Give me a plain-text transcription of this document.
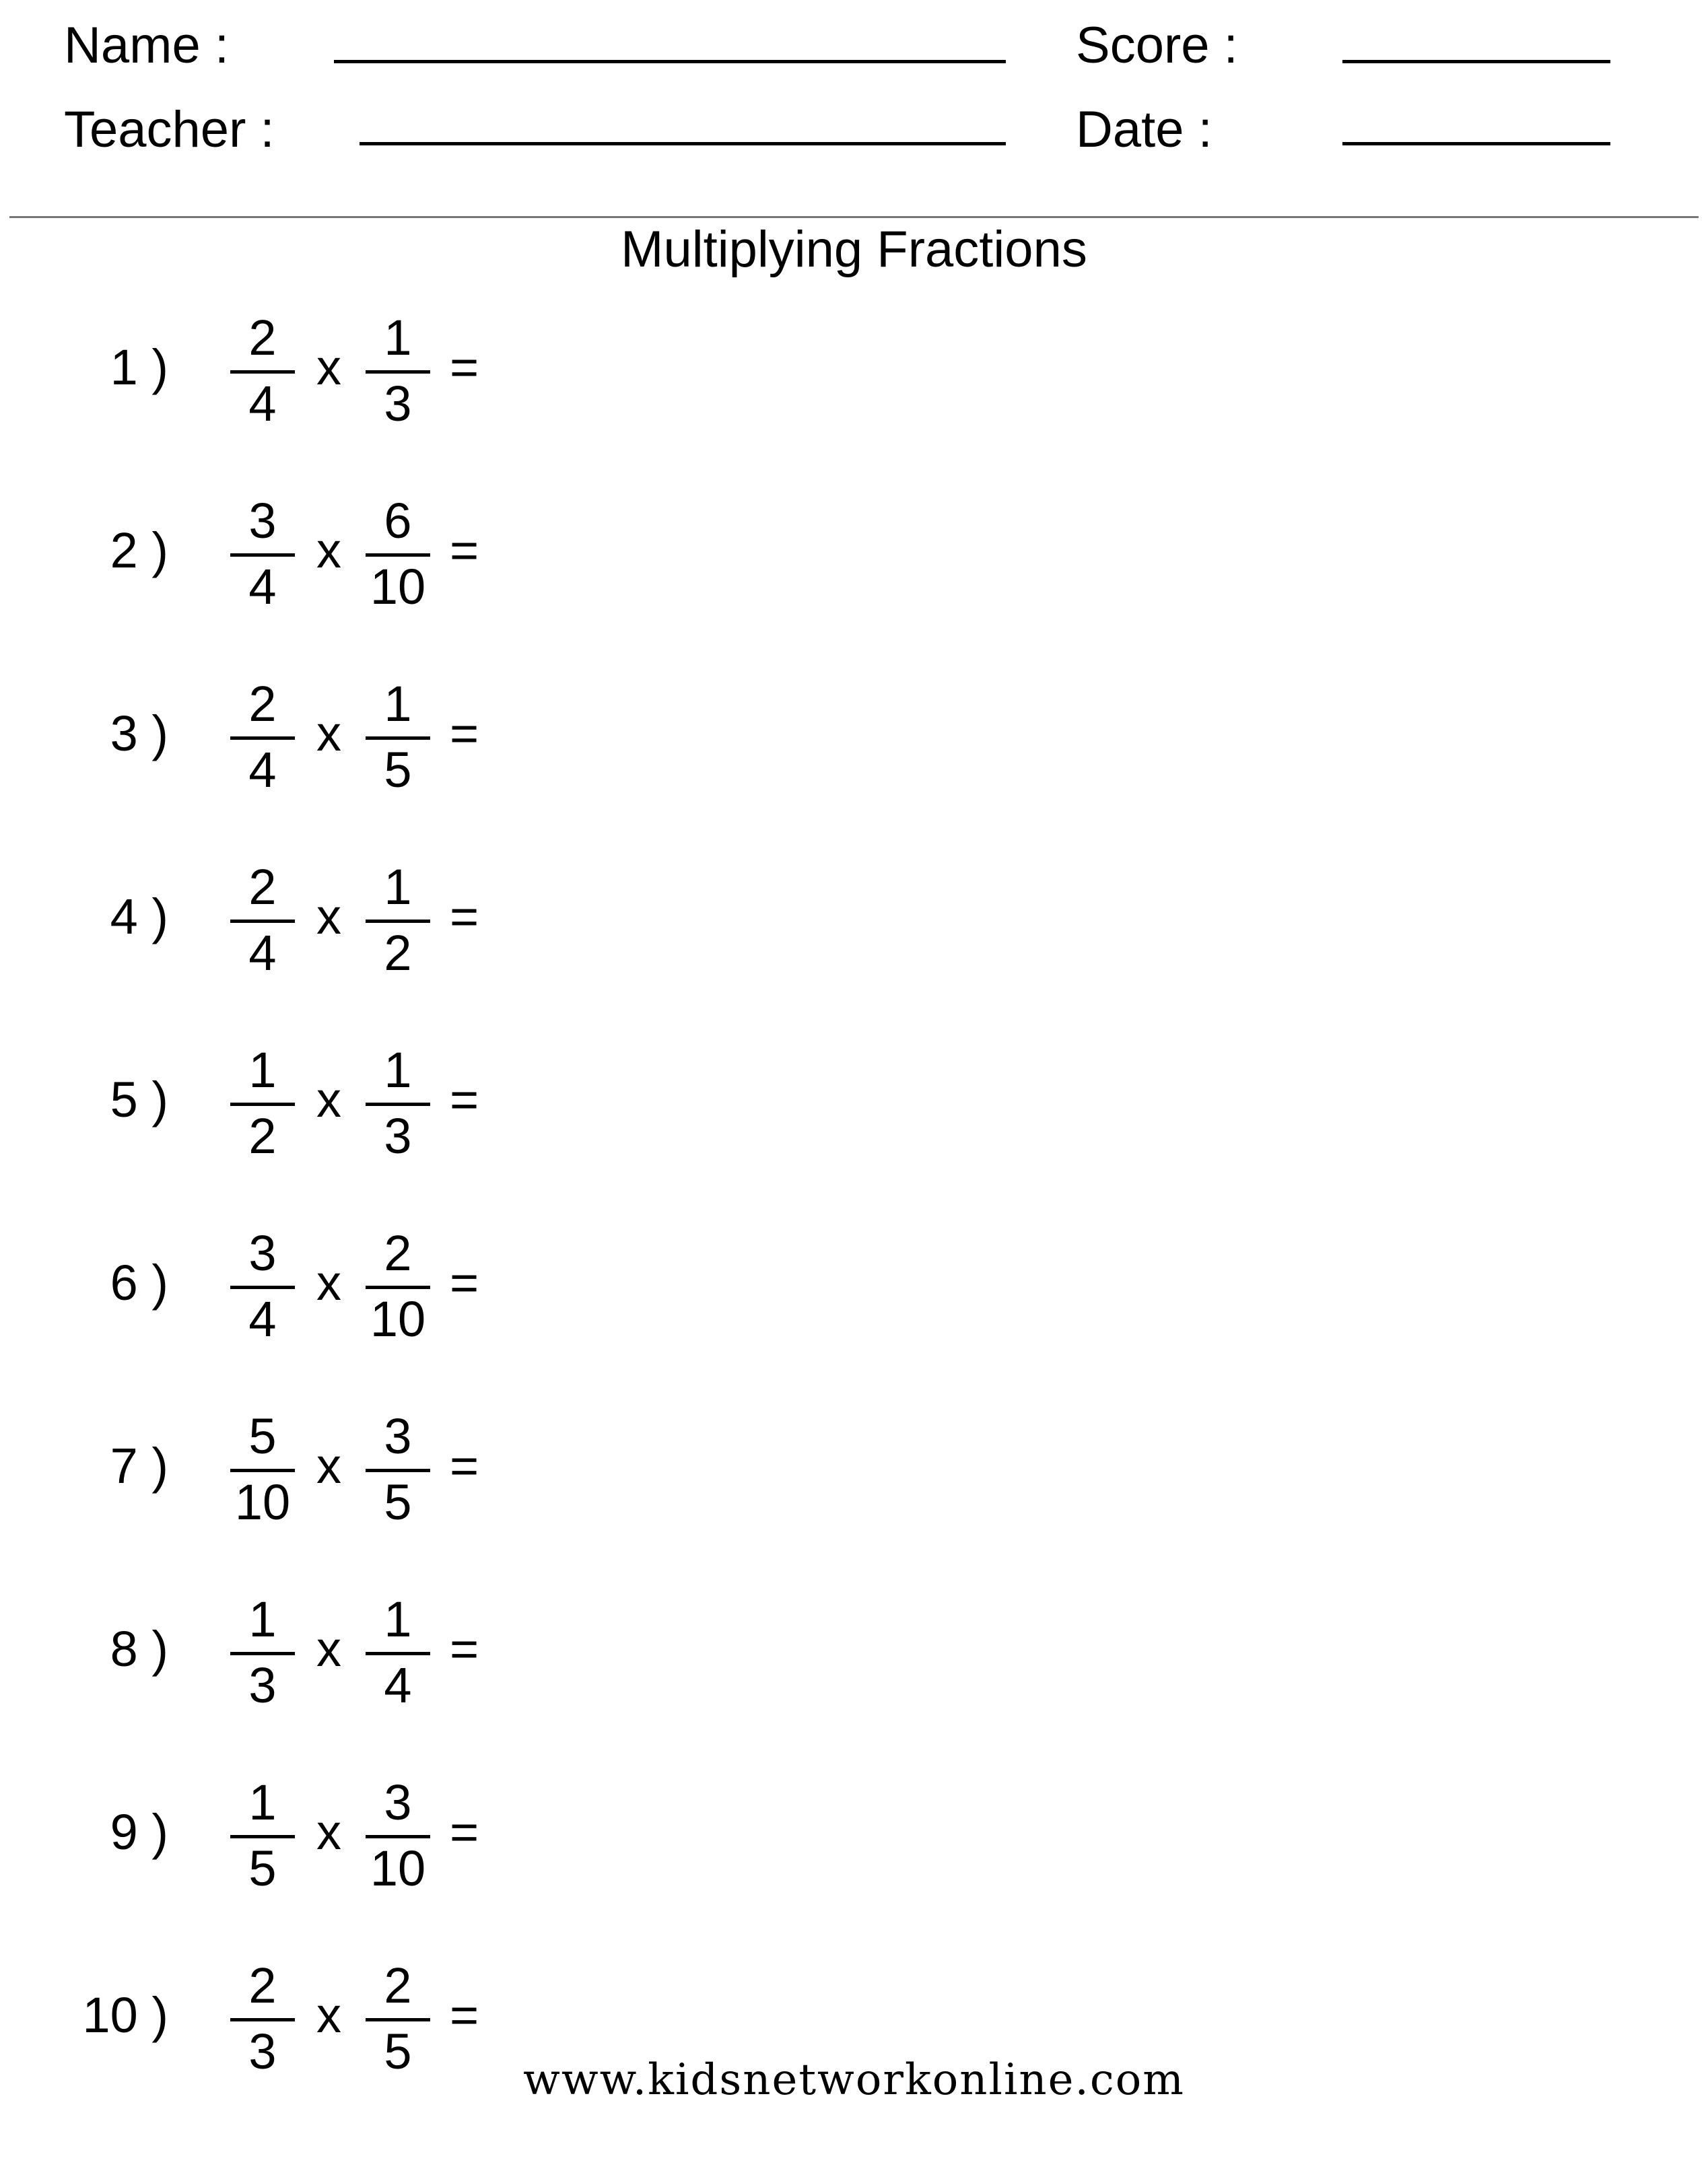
Name :	Score :
Teacher :	Date :
Multiplying Fractions
1 )
2
4
x
1
3
=
2 )
3
4
x
6
10
=
3 )
2
4
x
1
5
=
4 )
2
4
x
1
2
=
5 )
1
2
x
1
3
=
6 )
3
4
x
2
10
=
7 )
5
10
x
3
5
=
8 )
1
3
x
1
4
=
9 )
1
5
x
3
10
=
10 )
2
3
x
2
5
=
www.kidsnetworkonline.com
